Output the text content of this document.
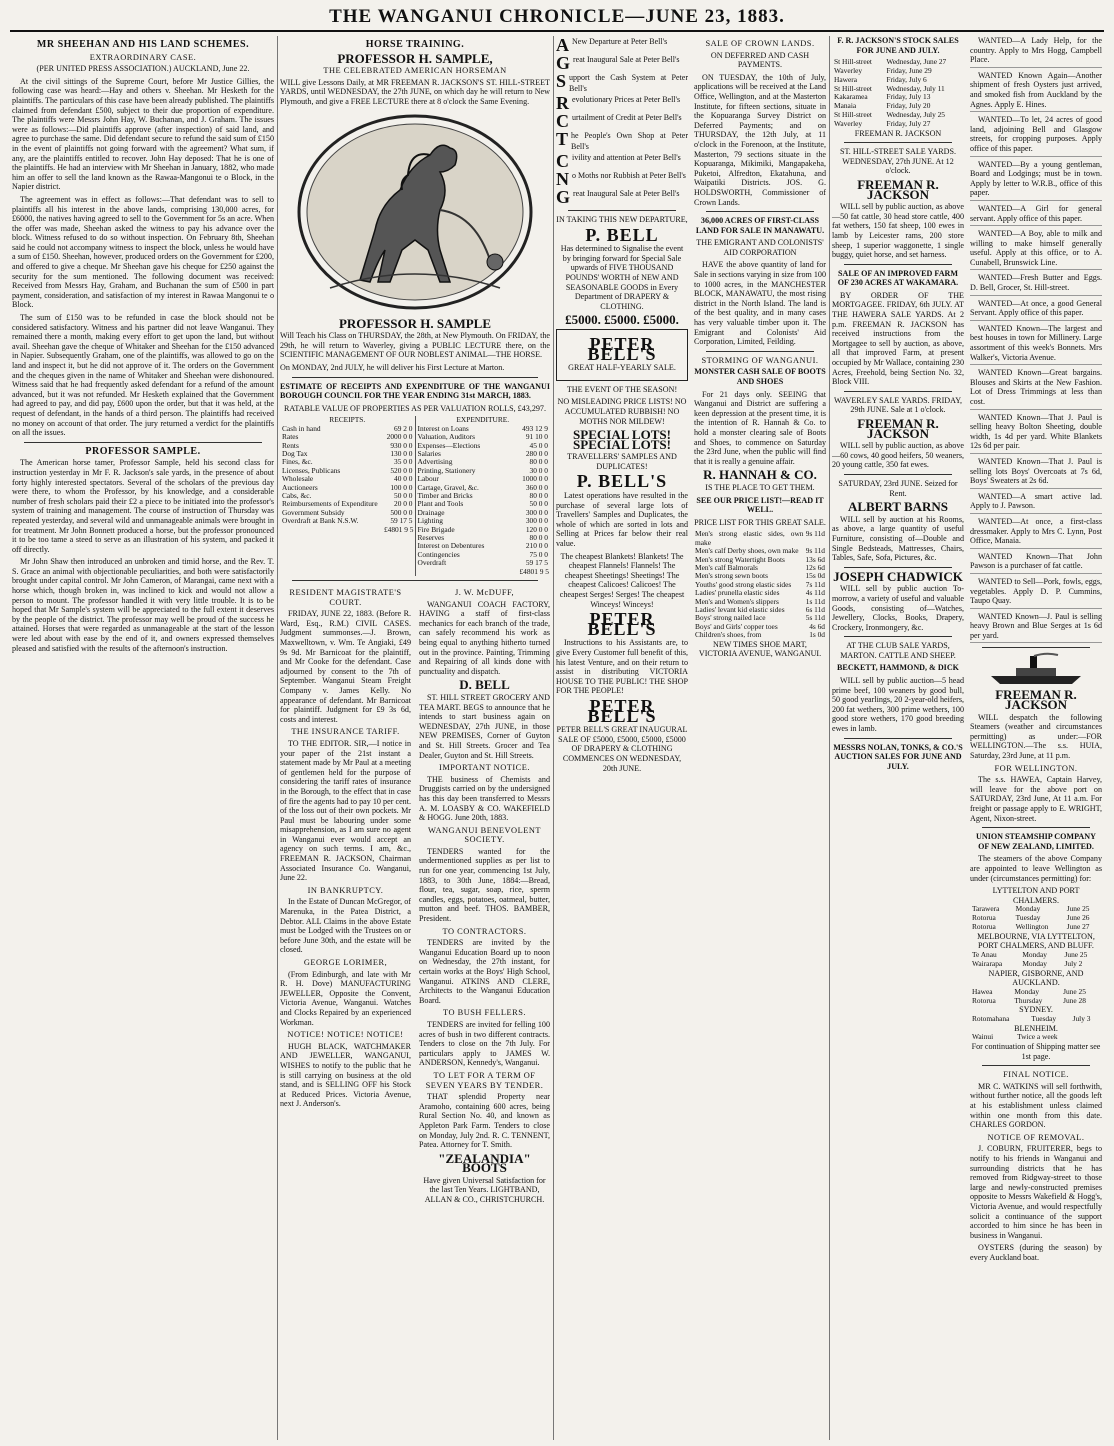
THE WANGANUI CHRONICLE—JUNE 23, 1883.
MR SHEEHAN AND HIS LAND SCHEMES.
EXTRAORDINARY CASE.

(PER UNITED PRESS ASSOCIATION.) AUCKLAND, June 22.

At the civil sittings of the Supreme Court, before Mr Justice Gillies, the following case was heard:—Hay and others v. Sheehan. Mr Hesketh for the plaintiffs. The particulars of this case have been already published. The plaintiffs claimed from defendant £500, subject to their due proportion of expenditure. The plaintiffs were Messrs John Hay, W. Buchanan, and J. Graham. The issues were as follows:—Did plaintiffs approve (after inspection) of said land, and agree to purchase the same. Did defendant secure to refund the said sum of £150 in the event of plaintiffs not going forward with the agreement? What sum, if any, are the plaintiffs entitled to recover. John Hay deposed: That he is one of the plaintiffs. He had an interview with Mr Sheehan in January, 1882, who made him an offer to sell the land known as the Rawaa-Mangonui te o Block, in the Napier district.

The agreement was in effect as follows:—That defendant was to sell to plaintiffs all his interest in the above lands, comprising 130,000 acres, for £6000, the natives having agreed to sell to the Government for 5s an acre. When the offer was made, Sheehan asked the witness to pay his advance over the block. Witness refused to do so without inspection. On February 8th, Sheehan said he could not accompany witness to inspect the block, unless he would have a sum of £150. Sheehan, however, produced orders on the Government for £200, and offered to give a cheque. Mr Sheehan gave his cheque for £250 against the security for the sum mentioned. The following document was received: Received from Messrs Hay, Graham, and Buchanan the sum of £500 in part payment, consideration, and satisfaction of my interest in Rawaa Mangonui te o Block.

The sum of £150 was to be refunded in case the block should not be considered satisfactory. Witness and his partner did not leave Wanganui. They remained there a month, making every effort to get upon the land, but without avail. Sheehan gave the cheque of Whitaker and Sheehan for the £150 advanced in Napier. Subsequently Graham, one of the plaintiffs, was allowed to go on the land and inspect it, but he did not approve of it. The orders on the Government and the cheques given in the name of Whitaker and Sheehan were dishonoured. Witness said that he had frequently asked defendant for a refund of the amount advanced, but it was not refunded. Mr Hesketh explained that the Government had agreed to pay, and did pay, £600 upon the order, but that it was held, at the request of defendant, in the hands of a third person. The plaintiffs had received no money on account of that order. The jury returned a verdict for the plaintiffs on all the issues.

PROFESSOR SAMPLE.

The American horse tamer, Professor Sample, held his second class for instruction yesterday in Mr F. R. Jackson's sale yards, in the presence of about forty highly interested spectators. Several of the scholars of the previous day were there, to whom the Professor, by his knowledge, and a considerable number of fresh scholars paid their £2 a piece to be initiated into the professor's system of training and management. The course of instruction of Thursday was repeated yesterday, and several wild and unmanageable animals were brought in for treatment. Mr John Bonnett produced a horse, but the professor pronounced it to be too tame a steed to serve as an illustration of his system, and packed it off directly.

Mr John Shaw then introduced an unbroken and timid horse, and the Rev. T. S. Grace an animal with objectionable peculiarities, and both were satisfactorily brought under capital control. Mr John Cameron, of Marangai, came next with a horse which, though broken in, was inclined to kick and would not allow a person to mount. The professor handled it with very little trouble. It is to be hoped that Mr Sample's system will be appreciated to the full extent it deserves by the people of the district. The professor may well be proud of the success he attained. Horses that were regarded as unmanageable at the start of the lesson were led about with ease by the end of it, and owners expressed themselves pleased and satisfied with the results of the afternoon's instruction.

HORSE TRAINING.
PROFESSOR H. SAMPLE,
THE CELEBRATED AMERICAN HORSEMAN

WILL give Lessons Daily, at MR FREEMAN R. JACKSON'S ST. HILL-STREET YARDS, until WEDNESDAY, the 27th JUNE, on which day he will return to New Plymouth, and give a FREE LECTURE there at 8 o'clock the Same Evening.

PROFESSOR H. SAMPLE

Will Teach his Class on THURSDAY, the 28th, at New Plymouth. On FRIDAY, the 29th, he will return to Waverley, giving a PUBLIC LECTURE there, on the SCIENTIFIC MANAGEMENT OF OUR NOBLEST ANIMAL—THE HORSE.

On MONDAY, 2nd JULY, he will deliver his First Lecture at Marton.

ESTIMATE OF RECEIPTS AND EXPENDITURE OF THE WANGANUI BOROUGH COUNCIL FOR THE YEAR ENDING 31st MARCH, 1883.

RATABLE VALUE OF PROPERTIES AS PER VALUATION ROLLS, £43,297.

RECEIPTS.
Cash in hand	69 2 0
Rates	2000 0 0
Rents	930 0 0
Dog Tax	130 0 0
Fines, &c.	35 0 0
Licenses, Publicans	520 0 0
Wholesale	40 0 0
Auctioneers	100 0 0
Cabs, &c.	50 0 0
Reimbursements of Expenditure	20 0 0
Government Subsidy	500 0 0
Overdraft at Bank N.S.W.	59 17 5
£4801 9 5

EXPENDITURE.
Interest on Loans	493 12 9
Valuation, Auditors	91 10 0
Expenses—Elections	45 0 0
Salaries	280 0 0
Advertising	80 0 0
Printing, Stationery	30 0 0
Labour	1000 0 0
Cartage, Gravel, &c.	360 0 0
Timber and Bricks	80 0 0
Plant and Tools	50 0 0
Drainage	300 0 0
Lighting	300 0 0
Fire Brigade	120 0 0
Reserves	80 0 0
Interest on Debentures	210 0 0
Contingencies	75 0 0
Overdraft	59 17 5
£4801 9 5
RESIDENT MAGISTRATE'S COURT.

FRIDAY, JUNE 22, 1883. (Before R. Ward, Esq., R.M.) CIVIL CASES. Judgment summonses.—J. Brown, Maxwelltown, v. Wm. Te Angiaki, £49 9s 9d. Mr Barnicoat for the plaintiff, and Mr Cooke for the defendant. Case adjourned by consent to the 7th of September. Wanganui Steam Freight Company v. James Kelly. No appearance of defendant. Mr Barnicoat for plaintiff. Judgment for £9 3s 6d, costs and interest.

THE INSURANCE TARIFF.

TO THE EDITOR. SIR,—I notice in your paper of the 21st instant a statement made by Mr Paul at a meeting of gentlemen held for the purpose of considering the tariff rates of insurance in the Borough, to the effect that in case of fire the agents had to pay 10 per cent. of the loss out of their own pockets. Mr Paul must be labouring under some misapprehension, as I am sure no agent in Wanganui ever would accept an agency on such terms. I am, &c., FREEMAN R. JACKSON, Chairman Associated Insurance Co. Wanganui, June 22.

IN BANKRUPTCY.

In the Estate of Duncan McGregor, of Marenuka, in the Patea District, a Debtor. ALL Claims in the above Estate must be Lodged with the Trustees on or before June 30th, and the estate will be closed.

GEORGE LORIMER,

(From Edinburgh, and late with Mr R. H. Dove) MANUFACTURING JEWELLER, Opposite the Convent, Victoria Avenue, Wanganui. Watches and Clocks Repaired by an experienced Workman.

NOTICE! NOTICE! NOTICE!

HUGH BLACK, WATCHMAKER AND JEWELLER, WANGANUI, WISHES to notify to the public that he is still carrying on business at the old stand, and is SELLING OFF his Stock at Reduced Prices. Victoria Avenue, next J. Anderson's.

J. W. McDUFF,

WANGANUI COACH FACTORY, HAVING a staff of first-class mechanics for each branch of the trade, can safely recommend his work as being equal to anything hitherto turned out in the province. Painting, Trimming and Repairing of all kinds done with punctuality and dispatch.

D. BELL

ST. HILL STREET GROCERY AND TEA MART. BEGS to announce that he intends to start business again on WEDNESDAY, 27th JUNE, in those NEW PREMISES, Corner of Guyton and St. Hill Streets. Grocer and Tea Dealer, Guyton and St. Hill Streets.

IMPORTANT NOTICE.

THE business of Chemists and Druggists carried on by the undersigned has this day been transferred to Messrs A. M. LOASBY & CO. WAKEFIELD & HOGG. June 20th, 1883.

WANGANUI BENEVOLENT SOCIETY.

TENDERS wanted for the undermentioned supplies as per list to run for one year, commencing 1st July, 1883, to 30th June, 1884:—Bread, flour, tea, sugar, soap, rice, sperm candles, eggs, potatoes, oatmeal, butter, mutton and beef. THOS. BAMBER, President.

TO CONTRACTORS.

TENDERS are invited by the Wanganui Education Board up to noon on Wednesday, the 27th instant, for certain works at the Boys' High School, Wanganui. ATKINS AND CLERE, Architects to the Wanganui Education Board.

TO BUSH FELLERS.

TENDERS are invited for felling 100 acres of bush in two different contracts. Tenders to close on the 7th July. For particulars apply to JAMES W. ANDERSON, Kennedy's, Wanganui.

TO LET FOR A TERM OF SEVEN YEARS BY TENDER.

THAT splendid Property near Aramoho, containing 600 acres, being Rural Section No. 40, and known as Appleton Park Farm. Tenders to close on Monday, July 2nd. R. C. TENNENT, Patea. Attorney for T. Smith.

"ZEALANDIA" BOOTS

Have given Universal Satisfaction for the last Ten Years. LIGHTBAND, ALLAN & CO., CHRISTCHURCH.

A New Departure at Peter Bell's
G reat Inaugural Sale at Peter Bell's
S upport the Cash System at Peter Bell's
R evolutionary Prices at Peter Bell's
C urtailment of Credit at Peter Bell's
T he People's Own Shop at Peter Bell's
C ivility and attention at Peter Bell's
N o Moths nor Rubbish at Peter Bell's
G reat Inaugural Sale at Peter Bell's

IN TAKING THIS NEW DEPARTURE,

P. BELL

Has determined to Signalise the event by bringing forward for Special Sale upwards of FIVE THOUSAND POUNDS' WORTH of NEW AND SEASONABLE GOODS in Every Department of DRAPERY & CLOTHING.

£5000. £5000. £5000.
PETER BELL'S

GREAT HALF-YEARLY SALE.

THE EVENT OF THE SEASON!

NO MISLEADING PRICE LISTS! NO ACCUMULATED RUBBISH! NO MOTHS NOR MILDEW!

SPECIAL LOTS! SPECIAL LOTS!

TRAVELLERS' SAMPLES AND DUPLICATES!

P. BELL'S

Latest operations have resulted in the purchase of several large lots of Travellers' Samples and Duplicates, the whole of which are sorted in lots and Selling at Prices far below their real value.

The cheapest Blankets! Blankets! The cheapest Flannels! Flannels! The cheapest Sheetings! Sheetings! The cheapest Calicoes! Calicoes! The cheapest Serges! Serges! The cheapest Winceys! Winceys!

PETER BELL'S

Instructions to his Assistants are, to give Every Customer full benefit of this, his latest Venture, and on their return to assist in distributing VICTORIA HOUSE TO THE PUBLIC! THE SHOP FOR THE PEOPLE!

PETER BELL'S

PETER BELL'S GREAT INAUGURAL SALE OF £5000, £5000, £5000, £5000 OF DRAPERY & CLOTHING COMMENCES ON WEDNESDAY, 20th JUNE.

SALE OF CROWN LANDS.

ON DEFERRED AND CASH PAYMENTS.

ON TUESDAY, the 10th of July, applications will be received at the Land Office, Wellington, and at the Masterton Institute, for fifteen sections, situate in the Kopuaranga Survey District on Deferred Payments; and on THURSDAY, the 12th July, at 11 o'clock in the Forenoon, at the Institute, Masterton, 79 sections situate in the Kopuaranga, Mikimiki, Mangapakeha, Puketoi, Alfredton, Ekatahuna, and Waipatiki Districts. JOS. G. HOLDSWORTH, Commissioner of Crown Lands.

36,000 ACRES OF FIRST-CLASS LAND FOR SALE IN MANAWATU.

THE EMIGRANT AND COLONISTS' AID CORPORATION

HAVE the above quantity of land for Sale in sections varying in size from 100 to 1000 acres, in the MANCHESTER BLOCK, MANAWATU, the most rising district in the North Island. The land is of the best quality, and in many cases has very valuable timber upon it. The Emigrant and Colonists' Aid Corporation, Limited, Feilding.

STORMING OF WANGANUI.

MONSTER CASH SALE OF BOOTS AND SHOES

For 21 days only. SEEING that Wanganui and District are suffering a keen depression at the present time, it is the intention of R. Hannah & Co. to hold a monster clearing sale of Boots and Shoes, to commence on Saturday the 23rd June, when the public will find that it is really a genuine affair.

R. HANNAH & CO.

IS THE PLACE TO GET THEM.

SEE OUR PRICE LIST!—READ IT WELL.

PRICE LIST FOR THIS GREAT SALE.

Men's strong elastic sides, own make	9s 11d
Men's calf Derby shoes, own make	9s 11d
Men's strong Watertight Boots	13s 6d
Men's calf Balmorals	12s 6d
Men's strong sewn boots	15s 0d
Youths' good strong elastic sides	7s 11d
Ladies' prunella elastic sides	4s 11d
Men's and Women's slippers	1s 11d
Ladies' levant kid elastic sides	6s 11d
Boys' strong nailed lace	5s 11d
Boys' and Girls' copper toes	4s 6d
Children's shoes, from	1s 0d

NEW TIMES SHOE MART, VICTORIA AVENUE, WANGANUI.

F. R. JACKSON'S STOCK SALES FOR JUNE AND JULY.

St Hill-street	Wednesday, June 27
Waverley	Friday, June 29
Hawera	Friday, July 6
St Hill-street	Wednesday, July 11
Kakaramea	Friday, July 13
Manaia	Friday, July 20
St Hill-street	Wednesday, July 25
Waverley	Friday, July 27

FREEMAN R. JACKSON

ST. HILL-STREET SALE YARDS. WEDNESDAY, 27th JUNE. At 12 o'clock.

FREEMAN R. JACKSON

WILL sell by public auction, as above—50 fat cattle, 30 head store cattle, 400 fat wethers, 150 fat sheep, 100 ewes in lamb by Leicester rams, 200 store sheep, 1 superior waggonette, 1 single buggy, quiet horse, and set harness.

SALE OF AN IMPROVED FARM OF 230 ACRES AT WAKAMARA.

BY ORDER OF THE MORTGAGEE. FRIDAY, 6th JULY. AT THE HAWERA SALE YARDS. At 2 p.m. FREEMAN R. JACKSON has received instructions from the Mortgagee to sell by auction, as above, all that improved Farm, at present occupied by Mr Wallace, containing 230 Acres, Freehold, being Section No. 32, Block VIII.

WAVERLEY SALE YARDS. FRIDAY, 29th JUNE. Sale at 1 o'clock.

FREEMAN R. JACKSON

WILL sell by public auction, as above—60 cows, 40 good heifers, 50 weaners, 20 young cattle, 350 fat ewes.

SATURDAY, 23rd JUNE. Seized for Rent.

ALBERT BARNS

WILL sell by auction at his Rooms, as above, a large quantity of useful Furniture, consisting of—Double and Single Bedsteads, Mattresses, Chairs, Tables, Safe, Sofa, Pictures, &c.

JOSEPH CHADWICK

WILL sell by public auction To-morrow, a variety of useful and valuable Goods, consisting of—Watches, Jewellery, Clocks, Books, Drapery, Crockery, Ironmongery, &c.

AT THE CLUB SALE YARDS, MARTON. CATTLE AND SHEEP.

BECKETT, HAMMOND, & DICK

WILL sell by public auction—5 head prime beef, 100 weaners by good bull, 50 good yearlings, 20 2-year-old heifers, 200 fat wethers, 300 prime wethers, 100 good store wethers, 170 good breeding ewes in lamb.

MESSRS NOLAN, TONKS, & CO.'S AUCTION SALES FOR JUNE AND JULY.

WANTED—A Lady Help, for the country. Apply to Mrs Hogg, Campbell Place.

WANTED Known Again—Another shipment of fresh Oysters just arrived, and smoked fish from Auckland by the Agnes. Apply E. Hines.

WANTED—To let, 24 acres of good land, adjoining Bell and Glasgow streets, for cropping purposes. Apply office of this paper.

WANTED—By a young gentleman, Board and Lodgings; must be in town. Apply by letter to W.R.B., office of this paper.

WANTED—A Girl for general servant. Apply office of this paper.

WANTED—A Boy, able to milk and willing to make himself generally useful. Apply at this office, or to A. Cunabell, Brunswick Line.

WANTED—Fresh Butter and Eggs. D. Bell, Grocer, St. Hill-street.

WANTED—At once, a good General Servant. Apply office of this paper.

WANTED Known—The largest and best houses in town for Millinery. Large assortment of this week's Bonnets. Mrs Walker's, Victoria Avenue.

WANTED Known—Great bargains. Blouses and Skirts at the New Fashion. Lot of Dress Trimmings at less than cost.

WANTED Known—That J. Paul is selling heavy Bolton Sheeting, double width, 1s 4d per yard. White Blankets 12s 6d per pair.

WANTED Known—That J. Paul is selling lots Boys' Overcoats at 7s 6d, Boys' Sweaters at 2s 6d.

WANTED—A smart active lad. Apply to J. Pawson.

WANTED—At once, a first-class dressmaker. Apply to Mrs C. Lynn, Post Office, Manaia.

WANTED Known—That John Pawson is a purchaser of fat cattle.

WANTED to Sell—Pork, fowls, eggs, vegetables. Apply D. P. Cummins, Taupo Quay.

WANTED Known—J. Paul is selling heavy Brown and Blue Serges at 1s 6d per yard.

FREEMAN R. JACKSON

WILL despatch the following Steamers (weather and circumstances permitting) as under:—FOR WELLINGTON.—The s.s. HUIA, Saturday, 23rd June, at 11 p.m.

FOR WELLINGTON.

The s.s. HAWEA, Captain Harvey, will leave for the above port on SATURDAY, 23rd June, At 11 a.m. For freight or passage apply to E. WRIGHT, Agent, Nixon-street.

UNION STEAMSHIP COMPANY OF NEW ZEALAND, LIMITED.

The steamers of the above Company are appointed to leave Wellington as under (circumstances permitting) for:

LYTTELTON AND PORT CHALMERS.
Tarawera	Monday	June 25
Rotorua	Tuesday	June 26
Rotorua	Wellington	June 27
MELBOURNE, VIA LYTTELTON, PORT CHALMERS, AND BLUFF.
Te Anau	Monday	June 25
Wairarapa	Monday	July 2
NAPIER, GISBORNE, AND AUCKLAND.
Hawea	Monday	June 25
Rotorua	Thursday	June 28
SYDNEY.
Rotomahana	Tuesday	July 3
BLENHEIM.
Wainui	Twice a week	

For continuation of Shipping matter see 1st page.

FINAL NOTICE.

MR C. WATKINS will sell forthwith, without further notice, all the goods left at his establishment unless claimed within one month from this date. CHARLES GORDON.

NOTICE OF REMOVAL.

J. COBURN, FRUITERER, begs to notify to his friends in Wanganui and surrounding districts that he has removed from Ridgway-street to those large and newly-constructed premises opposite to Messrs Wakefield & Hogg's, Victoria Avenue, and would respectfully solicit a continuance of the support accorded to him since he has been in business in Wanganui.

OYSTERS (during the season) by every Auckland boat.
